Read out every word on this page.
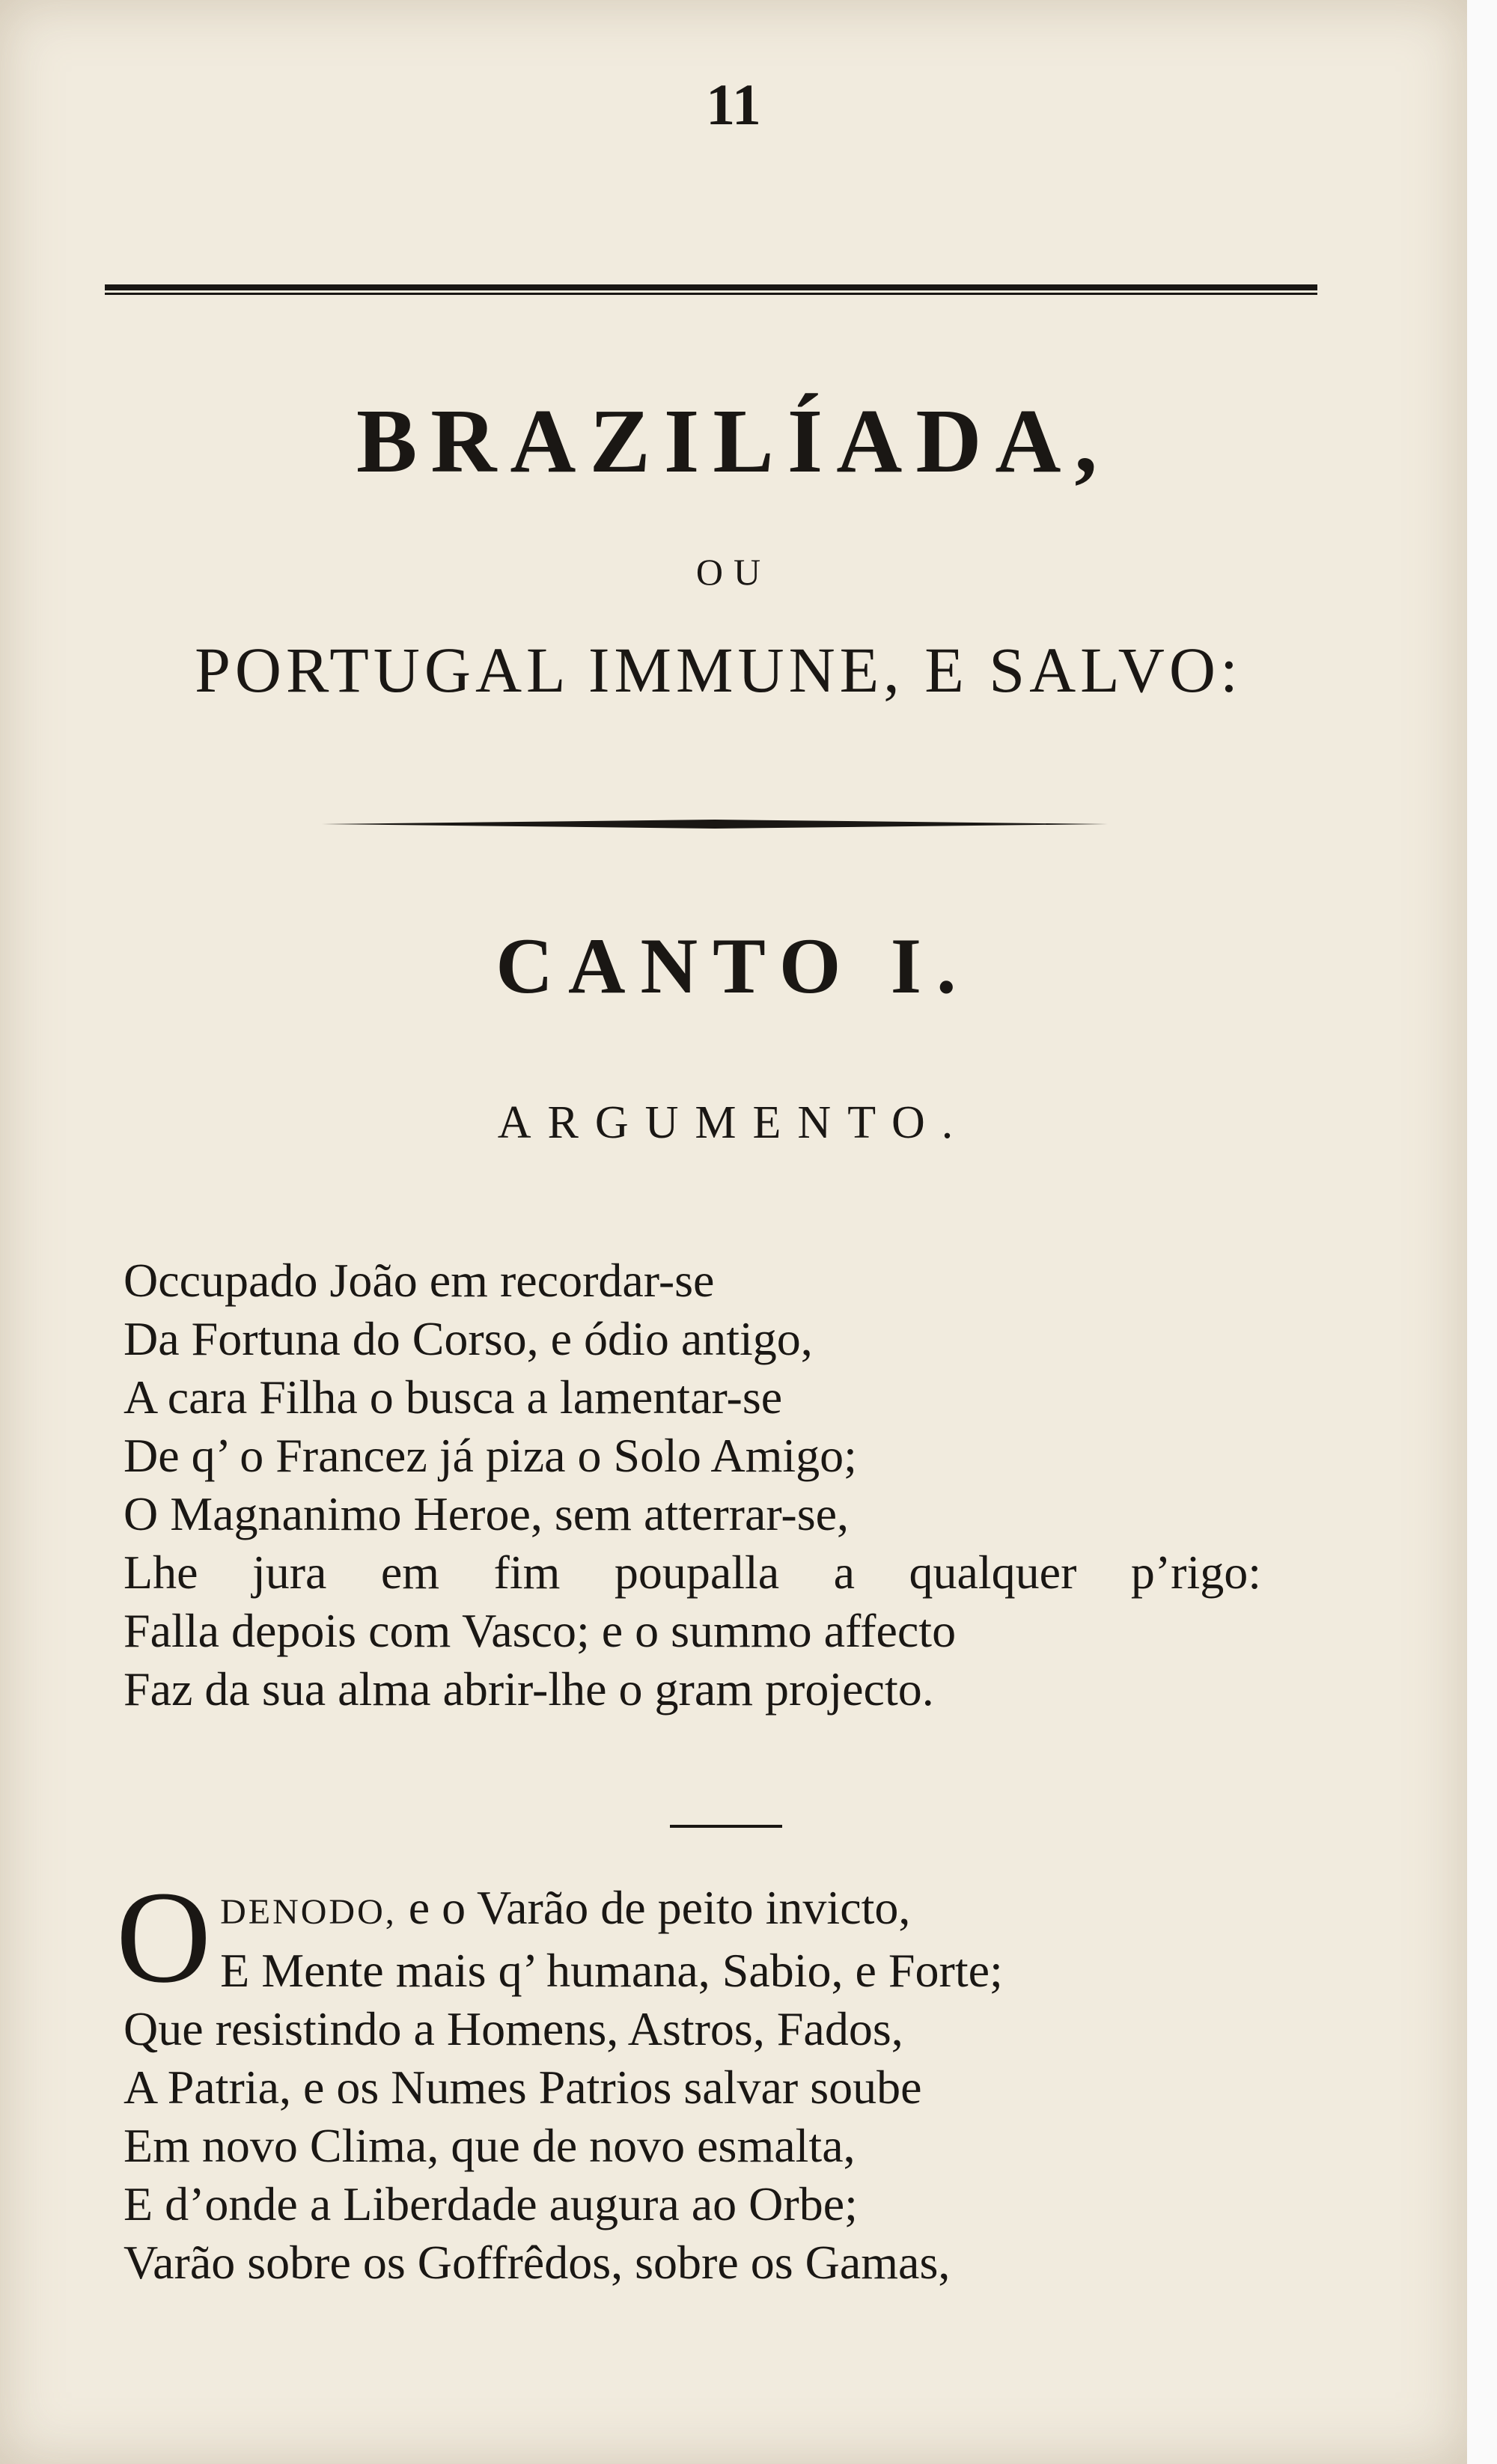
11
BRAZILÍADA,
OU
PORTUGAL IMMUNE, E SALVO:
CANTO I.
ARGUMENTO.
Occupado João em recordar-se
Da Fortuna do Corso, e ódio antigo,
A cara Filha o busca a lamentar-se
De q’ o Francez já piza o Solo Amigo;
O Magnanimo Heroe, sem atterrar-se,
Lhe jura em fim poupalla a qualquer p’rigo:
Falla depois com Vasco; e o summo affecto
Faz da sua alma abrir-lhe o gram projecto.
O DENODO, e o Varão de peito invicto,
E Mente mais q’ humana, Sabio, e Forte;
Que resistindo a Homens, Astros, Fados,
A Patria, e os Numes Patrios salvar soube
Em novo Clima, que de novo esmalta,
E d’onde a Liberdade augura ao Orbe;
Varão sobre os Goffrêdos, sobre os Gamas,
